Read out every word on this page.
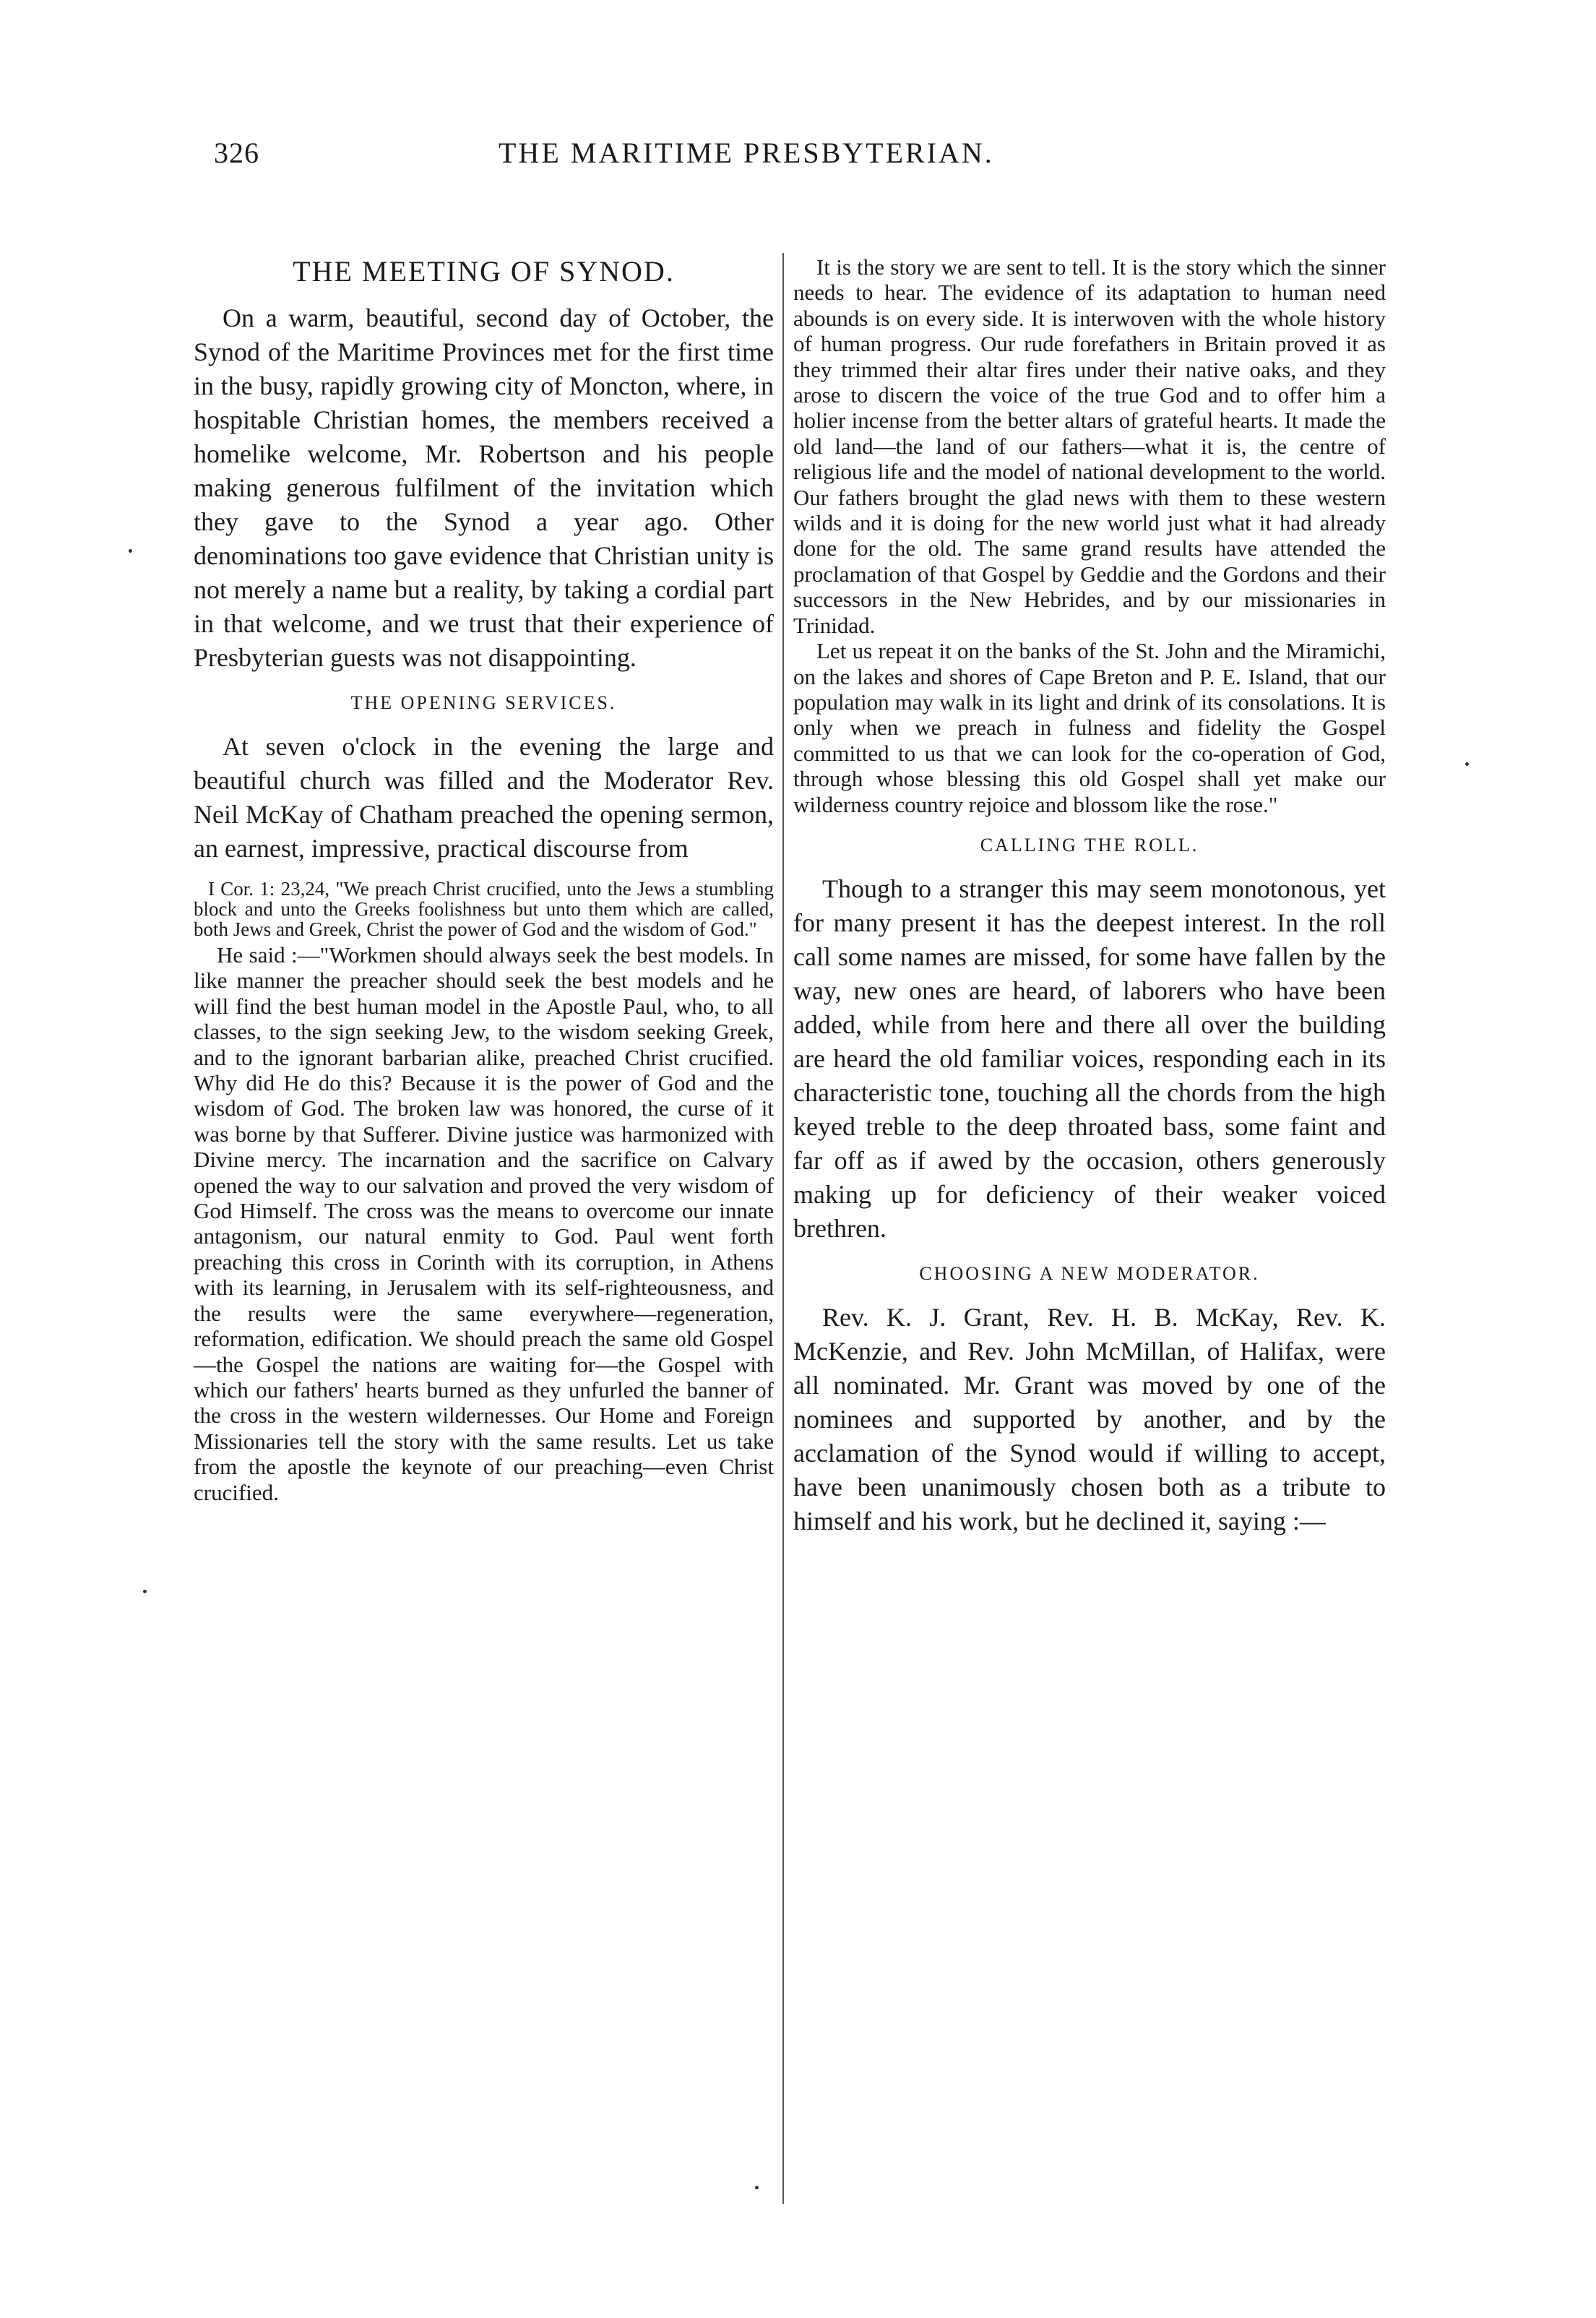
326	THE MARITIME PRESBYTERIAN.
THE MEETING OF SYNOD.

On a warm, beautiful, second day of October, the Synod of the Maritime Provinces met for the first time in the busy, rapidly growing city of Moncton, where, in hospitable Christian homes, the members received a homelike welcome, Mr. Robertson and his people making generous fulfilment of the invitation which they gave to the Synod a year ago. Other denominations too gave evidence that Christian unity is not merely a name but a reality, by taking a cordial part in that welcome, and we trust that their experience of Presbyterian guests was not disappointing.

THE OPENING SERVICES.

At seven o'clock in the evening the large and beautiful church was filled and the Moderator Rev. Neil McKay of Chatham preached the opening sermon, an earnest, impressive, practical discourse from

I Cor. 1: 23,24, "We preach Christ crucified, unto the Jews a stumbling block and unto the Greeks foolishness but unto them which are called, both Jews and Greek, Christ the power of God and the wisdom of God."

He said :—"Workmen should always seek the best models. In like manner the preacher should seek the best models and he will find the best human model in the Apostle Paul, who, to all classes, to the sign seeking Jew, to the wisdom seeking Greek, and to the ignorant barbarian alike, preached Christ crucified. Why did He do this? Because it is the power of God and the wisdom of God. The broken law was honored, the curse of it was borne by that Sufferer. Divine justice was harmonized with Divine mercy. The incarnation and the sacrifice on Calvary opened the way to our salvation and proved the very wisdom of God Himself. The cross was the means to overcome our innate antagonism, our natural enmity to God. Paul went forth preaching this cross in Corinth with its corruption, in Athens with its learning, in Jerusalem with its self-righteousness, and the results were the same everywhere—regeneration, reformation, edification. We should preach the same old Gospel—the Gospel the nations are waiting for—the Gospel with which our fathers' hearts burned as they unfurled the banner of the cross in the western wildernesses. Our Home and Foreign Missionaries tell the story with the same results. Let us take from the apostle the keynote of our preaching—even Christ crucified.

It is the story we are sent to tell. It is the story which the sinner needs to hear. The evidence of its adaptation to human need abounds is on every side. It is interwoven with the whole history of human progress. Our rude forefathers in Britain proved it as they trimmed their altar fires under their native oaks, and they arose to discern the voice of the true God and to offer him a holier incense from the better altars of grateful hearts. It made the old land—the land of our fathers—what it is, the centre of religious life and the model of national development to the world. Our fathers brought the glad news with them to these western wilds and it is doing for the new world just what it had already done for the old. The same grand results have attended the proclamation of that Gospel by Geddie and the Gordons and their successors in the New Hebrides, and by our missionaries in Trinidad.

Let us repeat it on the banks of the St. John and the Miramichi, on the lakes and shores of Cape Breton and P. E. Island, that our population may walk in its light and drink of its consolations. It is only when we preach in fulness and fidelity the Gospel committed to us that we can look for the co-operation of God, through whose blessing this old Gospel shall yet make our wilderness country rejoice and blossom like the rose."

CALLING THE ROLL.

Though to a stranger this may seem monotonous, yet for many present it has the deepest interest. In the roll call some names are missed, for some have fallen by the way, new ones are heard, of laborers who have been added, while from here and there all over the building are heard the old familiar voices, responding each in its characteristic tone, touching all the chords from the high keyed treble to the deep throated bass, some faint and far off as if awed by the occasion, others generously making up for deficiency of their weaker voiced brethren.

CHOOSING A NEW MODERATOR.

Rev. K. J. Grant, Rev. H. B. McKay, Rev. K. McKenzie, and Rev. John McMillan, of Halifax, were all nominated. Mr. Grant was moved by one of the nominees and supported by another, and by the acclamation of the Synod would if willing to accept, have been unanimously chosen both as a tribute to himself and his work, but he declined it, saying :—
